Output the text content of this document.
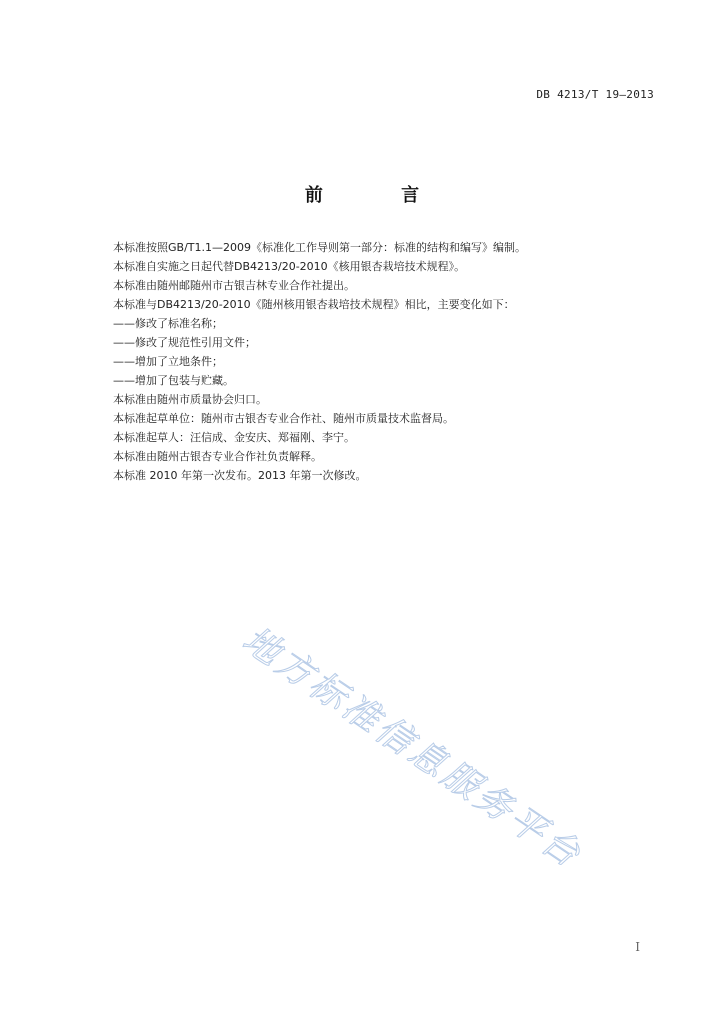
DB 4213/T 19—2013
前 言
本标准按照GB/T1.1—2009《标准化工作导则第一部分：标准的结构和编写》编制。
本标准自实施之日起代替DB4213/20-2010《核用银杏栽培技术规程》。
本标准由随州邮随州市古银吉林专业合作社提出。
本标准与DB4213/20-2010《随州核用银杏栽培技术规程》相比，主要变化如下：
——修改了标准名称；
——修改了规范性引用文件；
——增加了立地条件；
——增加了包装与贮藏。
本标准由随州市质量协会归口。
本标准起草单位：随州市古银杏专业合作社、随州市质量技术监督局。
本标准起草人：汪信成、金安庆、郑福刚、李宁。
本标准由随州古银杏专业合作社负责解释。
本标准 2010 年第一次发布。2013 年第一次修改。
地方标准信息服务平台
I
